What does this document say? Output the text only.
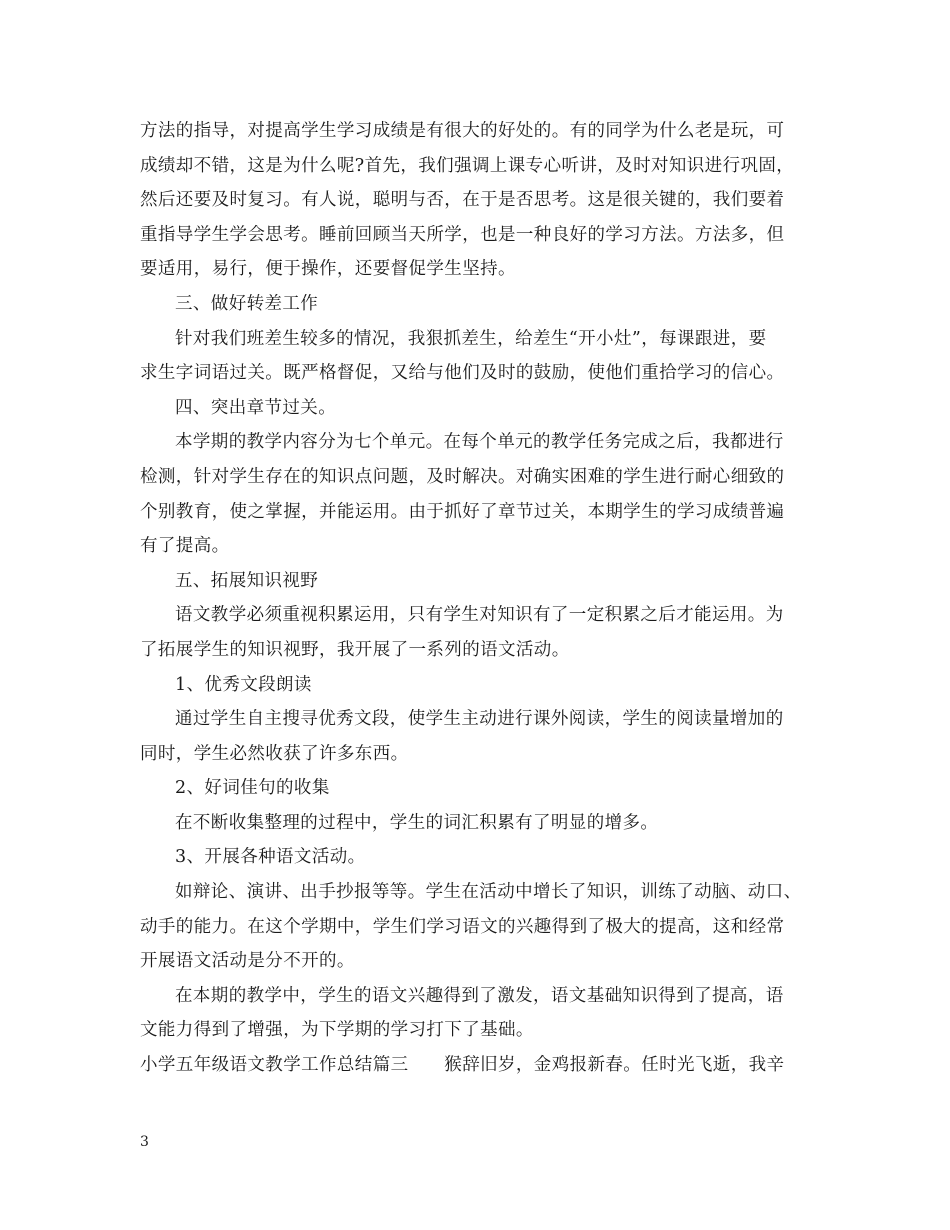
方法的指导，对提高学生学习成绩是有很大的好处的。有的同学为什么老是玩，可
成绩却不错，这是为什么呢?首先，我们强调上课专心听讲，及时对知识进行巩固，
然后还要及时复习。有人说，聪明与否，在于是否思考。这是很关键的，我们要着
重指导学生学会思考。睡前回顾当天所学，也是一种良好的学习方法。方法多，但
要适用，易行，便于操作，还要督促学生坚持。
三、做好转差工作
针对我们班差生较多的情况，我狠抓差生，给差生“开小灶”，每课跟进，要
求生字词语过关。既严格督促，又给与他们及时的鼓励，使他们重拾学习的信心。
四、突出章节过关。
本学期的教学内容分为七个单元。在每个单元的教学任务完成之后，我都进行
检测，针对学生存在的知识点问题，及时解决。对确实困难的学生进行耐心细致的
个别教育，使之掌握，并能运用。由于抓好了章节过关，本期学生的学习成绩普遍
有了提高。
五、拓展知识视野
语文教学必须重视积累运用，只有学生对知识有了一定积累之后才能运用。为
了拓展学生的知识视野，我开展了一系列的语文活动。
1、优秀文段朗读
通过学生自主搜寻优秀文段，使学生主动进行课外阅读，学生的阅读量增加的
同时，学生必然收获了许多东西。
2、好词佳句的收集
在不断收集整理的过程中，学生的词汇积累有了明显的增多。
3、开展各种语文活动。
如辩论、演讲、出手抄报等等。学生在活动中增长了知识，训练了动脑、动口、
动手的能力。在这个学期中，学生们学习语文的兴趣得到了极大的提高，这和经常
开展语文活动是分不开的。
在本期的教学中，学生的语文兴趣得到了激发，语文基础知识得到了提高，语
文能力得到了增强，为下学期的学习打下了基础。
小学五年级语文教学工作总结篇三　　猴辞旧岁，金鸡报新春。任时光飞逝，我辛
3
